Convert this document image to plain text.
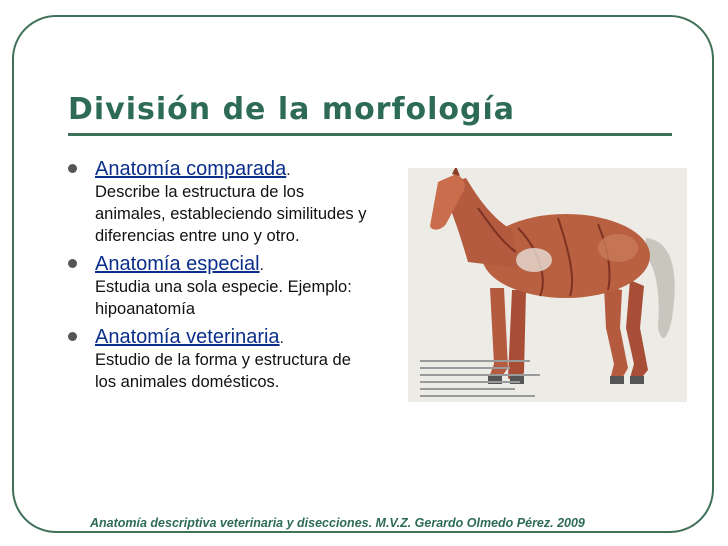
División de la morfología
Anatomía comparada.
Describe la estructura de los animales, estableciendo similitudes y diferencias entre uno y otro.
Anatomía especial.
Estudia una sola especie. Ejemplo: hipoanatomía
Anatomía veterinaria.
Estudio de la forma y estructura de los animales domésticos.
Anatomía descriptiva veterinaria y disecciones. M.V.Z. Gerardo Olmedo Pérez. 2009
